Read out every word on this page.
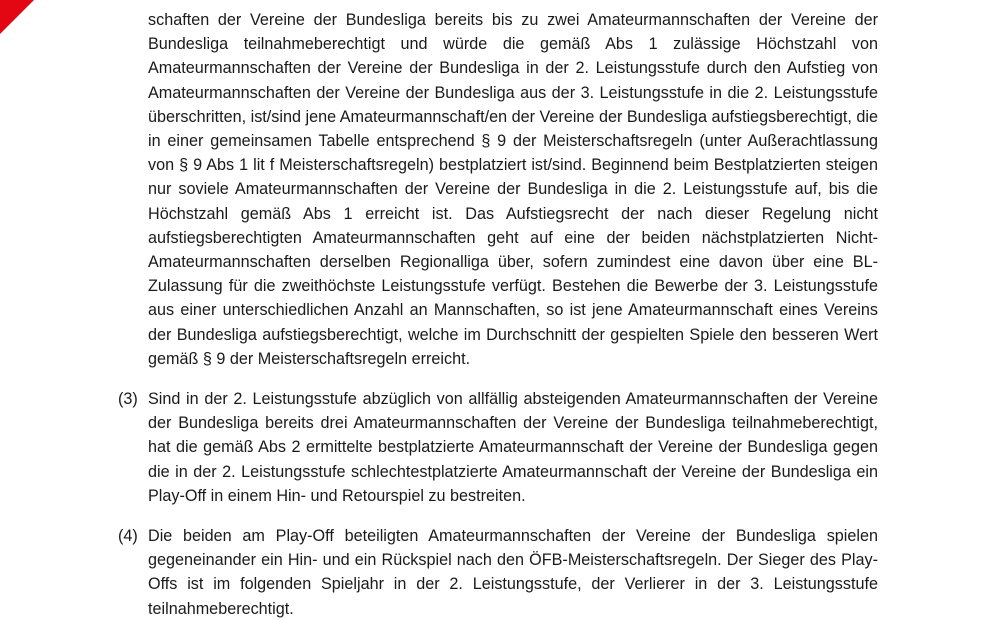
schaften der Vereine der Bundesliga bereits bis zu zwei Amateurmannschaften der Vereine der Bundesliga teilnahmeberechtigt und würde die gemäß Abs 1 zulässige Höchstzahl von Amateurmannschaften der Vereine der Bundesliga in der 2. Leistungsstufe durch den Aufstieg von Amateurmannschaften der Vereine der Bundesliga aus der 3. Leistungsstufe in die 2. Leistungsstufe überschritten, ist/sind jene Amateurmannschaft/en der Vereine der Bundesliga aufstiegsberechtigt, die in einer gemeinsamen Tabelle entsprechend § 9 der Meisterschaftsregeln (unter Außerachtlassung von § 9 Abs 1 lit f Meisterschaftsregeln) bestplatziert ist/sind. Beginnend beim Bestplatzierten steigen nur soviele Amateurmannschaften der Vereine der Bundesliga in die 2. Leistungsstufe auf, bis die Höchstzahl gemäß Abs 1 erreicht ist. Das Aufstiegsrecht der nach dieser Regelung nicht aufstiegsberechtigten Amateurmannschaften geht auf eine der beiden nächstplatzierten Nicht-Amateurmannschaften derselben Regionalliga über, sofern zumindest eine davon über eine BL-Zulassung für die zweithöchste Leistungsstufe verfügt. Bestehen die Bewerbe der 3. Leistungsstufe aus einer unterschiedlichen Anzahl an Mannschaften, so ist jene Amateurmannschaft eines Vereins der Bundesliga aufstiegsberechtigt, welche im Durchschnitt der gespielten Spiele den besseren Wert gemäß § 9 der Meisterschaftsregeln erreicht.

(3) Sind in der 2. Leistungsstufe abzüglich von allfällig absteigenden Amateurmannschaften der Vereine der Bundesliga bereits drei Amateurmannschaften der Vereine der Bundesliga teilnahmeberechtigt, hat die gemäß Abs 2 ermittelte bestplatzierte Amateurmannschaft der Vereine der Bundesliga gegen die in der 2. Leistungsstufe schlechtestplatzierte Amateurmannschaft der Vereine der Bundesliga ein Play-Off in einem Hin- und Retourspiel zu bestreiten.

(4) Die beiden am Play-Off beteiligten Amateurmannschaften der Vereine der Bundesliga spielen gegeneinander ein Hin- und ein Rückspiel nach den ÖFB-Meisterschaftsregeln. Der Sieger des Play-Offs ist im folgenden Spieljahr in der 2. Leistungsstufe, der Verlierer in der 3. Leistungsstufe teilnahmeberechtigt.
